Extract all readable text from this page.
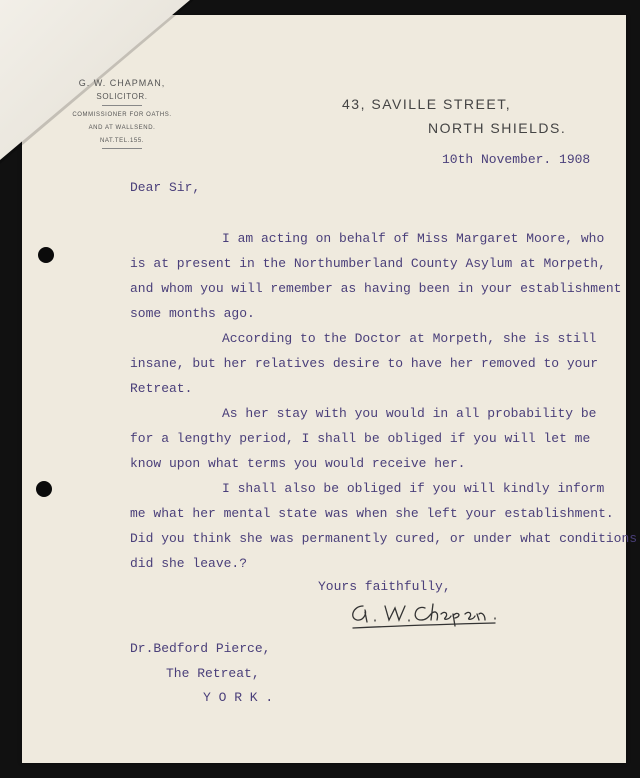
G. W. CHAPMAN,
SOLICITOR.
COMMISSIONER FOR OATHS.
AND AT WALLSEND.
NAT.TEL.155.
43, SAVILLE STREET,
NORTH SHIELDS.
10th November. 1908
Dear Sir,
I am acting on behalf of Miss Margaret Moore, who
is at present in the Northumberland County Asylum at Morpeth,
and whom you will remember as having been in your establishment
some months ago.
According to the Doctor at Morpeth, she is still
insane, but her relatives desire to have her removed to your
Retreat.
As her stay with you would in all probability be
for a lengthy period, I shall be obliged if you will let me
know upon what terms you would receive her.
I shall also be obliged if you will kindly inform
me what her mental state was when she left your establishment.
Did you think she was permanently cured, or under what conditions
did she leave.?
Yours faithfully,
Dr.Bedford Pierce,
The Retreat,
Y O R K .
